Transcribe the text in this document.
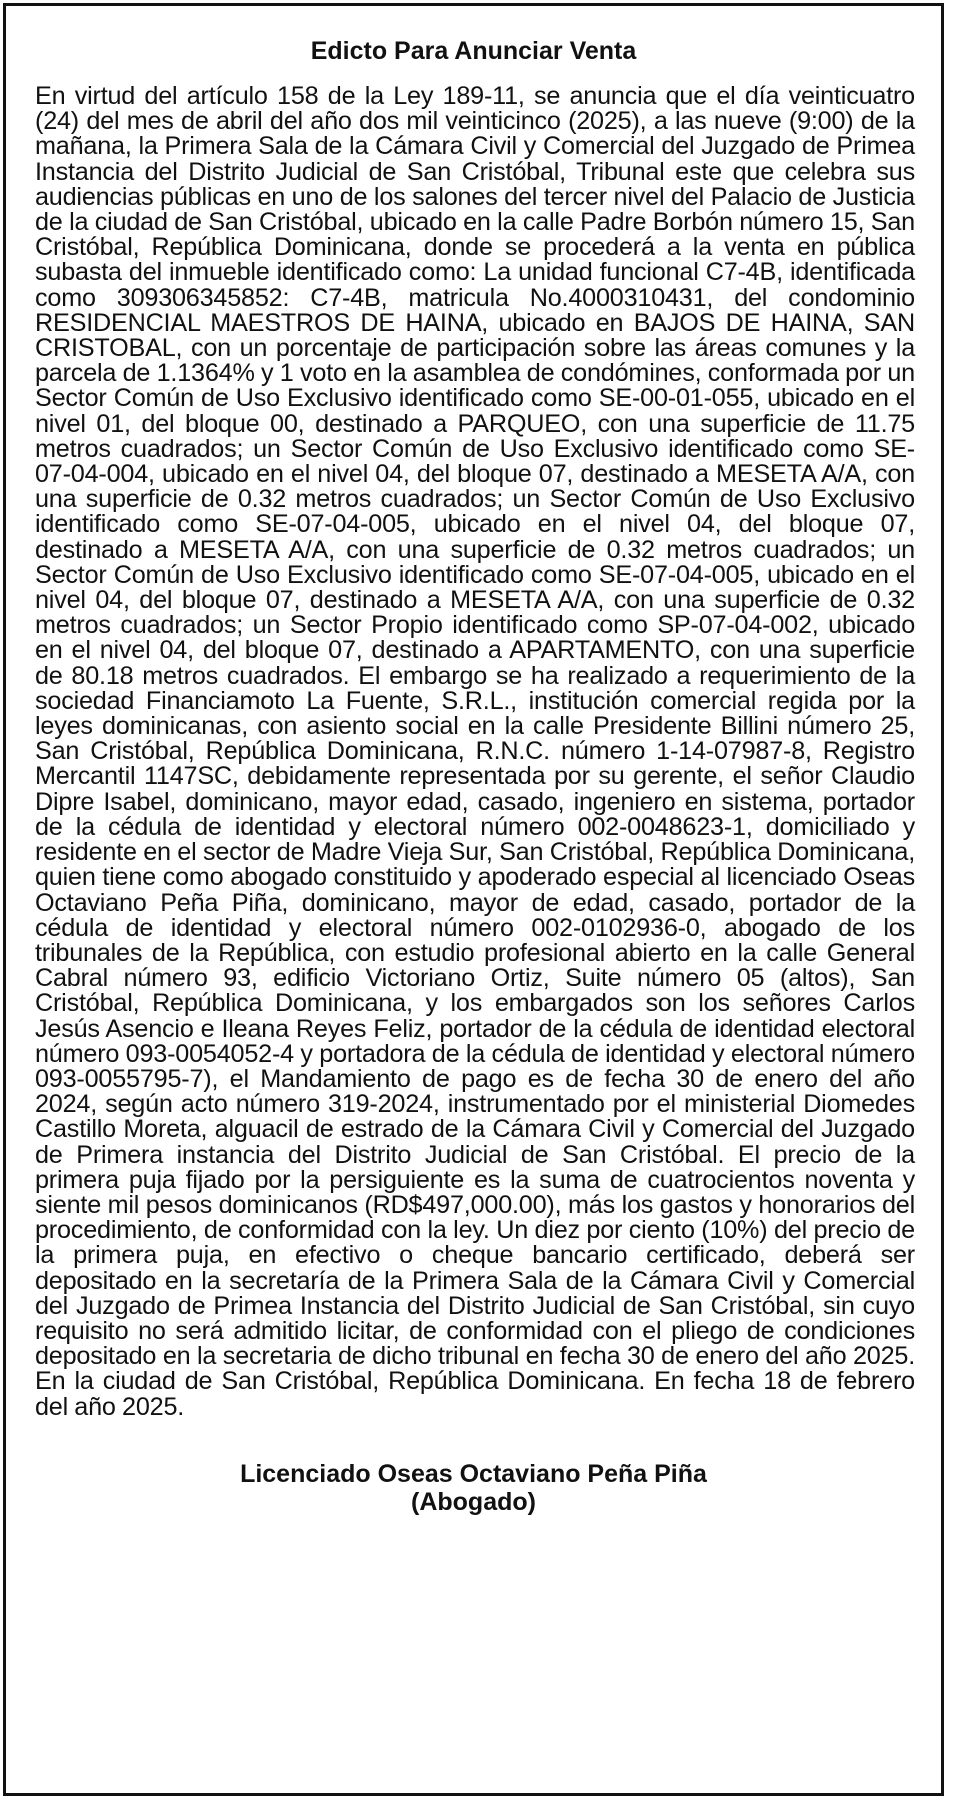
Edicto Para Anunciar Venta

En virtud del artículo 158 de la Ley 189-11, se anuncia que el día veinticuatro (24) del mes de abril del año dos mil veinticinco (2025), a las nueve (9:00) de la mañana, la Primera Sala de la Cámara Civil y Comercial del Juzgado de Primea Instancia del Distrito Judicial de San Cristóbal, Tribunal este que celebra sus audiencias públicas en uno de los salones del tercer nivel del Palacio de Justicia de la ciudad de San Cristóbal, ubicado en la calle Padre Borbón número 15, San Cristóbal, República Dominicana, donde se procederá a la venta en pública subasta del inmueble identificado como: La unidad funcional C7-4B, identificada como 309306345852: C7-4B, matricula No.4000310431, del condominio RESIDENCIAL MAESTROS DE HAINA, ubicado en BAJOS DE HAINA, SAN CRISTOBAL, con un porcentaje de participación sobre las áreas comunes y la parcela de 1.1364% y 1 voto en la asamblea de condómines, conformada por un Sector Común de Uso Exclusivo identificado como SE-00-01-055, ubicado en el nivel 01, del bloque 00, destinado a PARQUEO, con una superficie de 11.75 metros cuadrados; un Sector Común de Uso Exclusivo identificado como SE-07-04-004, ubicado en el nivel 04, del bloque 07, destinado a MESETA A/A, con una superficie de 0.32 metros cuadrados; un Sector Común de Uso Exclusivo identificado como SE-07-04-005, ubicado en el nivel 04, del bloque 07, destinado a MESETA A/A, con una superficie de 0.32 metros cuadrados; un Sector Común de Uso Exclusivo identificado como SE-07-04-005, ubicado en el nivel 04, del bloque 07, destinado a MESETA A/A, con una superficie de 0.32 metros cuadrados; un Sector Propio identificado como SP-07-04-002, ubicado en el nivel 04, del bloque 07, destinado a APARTAMENTO, con una superficie de 80.18 metros cuadrados. El embargo se ha realizado a requerimiento de la sociedad Financiamoto La Fuente, S.R.L., institución comercial regida por la leyes dominicanas, con asiento social en la calle Presidente Billini número 25, San Cristóbal, República Dominicana, R.N.C. número 1-14-07987-8, Registro Mercantil 1147SC, debidamente representada por su gerente, el señor Claudio Dipre Isabel, dominicano, mayor edad, casado, ingeniero en sistema, portador de la cédula de identidad y electoral número 002-0048623-1, domiciliado y residente en el sector de Madre Vieja Sur, San Cristóbal, República Dominicana, quien tiene como abogado constituido y apoderado especial al licenciado Oseas Octaviano Peña Piña, dominicano, mayor de edad, casado, portador de la cédula de identidad y electoral número 002-0102936-0, abogado de los tribunales de la República, con estudio profesional abierto en la calle General Cabral número 93, edificio Victoriano Ortiz, Suite número 05 (altos), San Cristóbal, República Dominicana, y los embargados son los señores Carlos Jesús Asencio e Ileana Reyes Feliz, portador de la cédula de identidad electoral número 093-0054052-4 y portadora de la cédula de identidad y electoral número 093-0055795-7), el Mandamiento de pago es de fecha 30 de enero del año 2024, según acto número 319-2024, instrumentado por el ministerial Diomedes Castillo Moreta, alguacil de estrado de la Cámara Civil y Comercial del Juzgado de Primera instancia del Distrito Judicial de San Cristóbal. El precio de la primera puja fijado por la persiguiente es la suma de cuatrocientos noventa y siente mil pesos dominicanos (RD$497,000.00), más los gastos y honorarios del procedimiento, de conformidad con la ley. Un diez por ciento (10%) del precio de la primera puja, en efectivo o cheque bancario certificado, deberá ser depositado en la secretaría de la Primera Sala de la Cámara Civil y Comercial del Juzgado de Primea Instancia del Distrito Judicial de San Cristóbal, sin cuyo requisito no será admitido licitar, de conformidad con el pliego de condiciones depositado en la secretaria de dicho tribunal en fecha 30 de enero del año 2025. En la ciudad de San Cristóbal, República Dominicana. En fecha 18 de febrero del año 2025.

Licenciado Oseas Octaviano Peña Piña
(Abogado)
